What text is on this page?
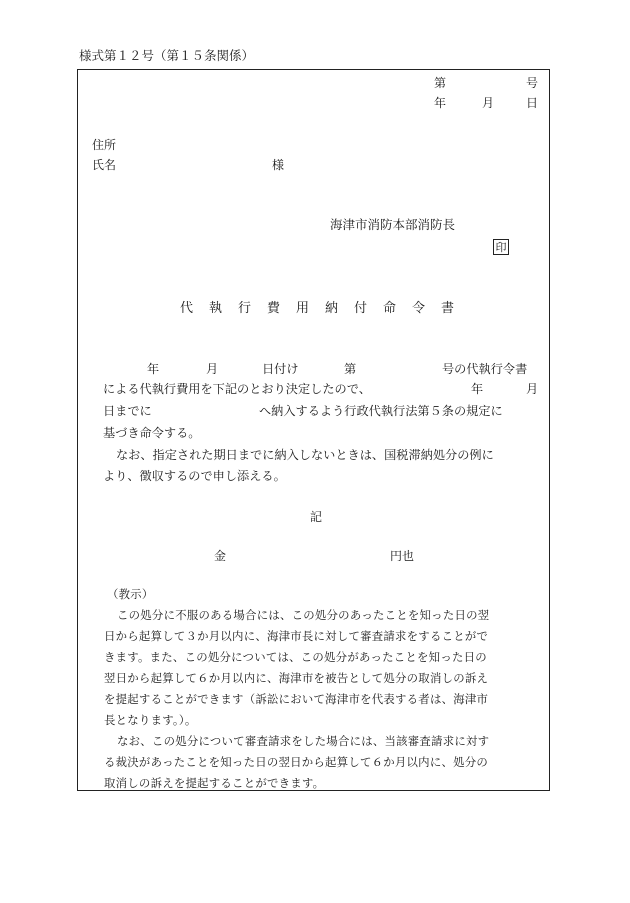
様式第１２号（第１５条関係）
第	号
年	月	日
住所
氏名	様
海津市消防本部消防長
印
代執行費用納付命令書
年	月	日付け	第	号の代執行令書
による代執行費用を下記のとおり決定したので、	年	月
日までに	へ納入するよう行政代執行法第５条の規定に
基づき命令する。
なお、指定された期日までに納入しないときは、国税滞納処分の例に
より、徴収するので申し添える。
記
金	円也
（教示）
この処分に不服のある場合には、この処分のあったことを知った日の翌
日から起算して３か月以内に、海津市長に対して審査請求をすることがで
きます。また、この処分については、この処分があったことを知った日の
翌日から起算して６か月以内に、海津市を被告として処分の取消しの訴え
を提起することができます（訴訟において海津市を代表する者は、海津市
長となります。）。
なお、この処分について審査請求をした場合には、当該審査請求に対す
る裁決があったことを知った日の翌日から起算して６か月以内に、処分の
取消しの訴えを提起することができます。
